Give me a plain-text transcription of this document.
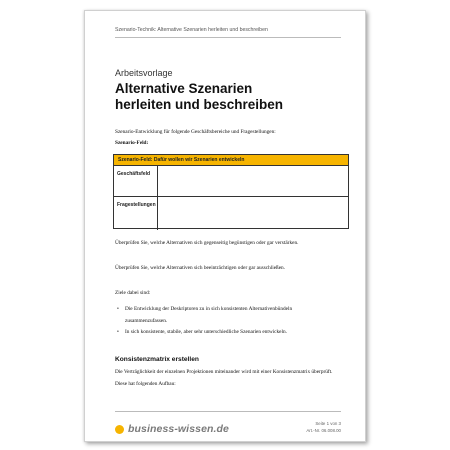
Szenario-Technik: Alternative Szenarien herleiten und beschreiben
Arbeitsvorlage
Alternative Szenarien
herleiten und beschreiben
Szenario-Entwicklung für folgende Geschäftsbereiche und Fragestellungen:
Szenario-Feld:
Szenario-Feld: Dafür wollen wir Szenarien entwickeln
Geschäftsfeld
Fragestellungen
Überprüfen Sie, welche Alternativen sich gegenseitig begünstigen oder gar verstärken.
Überprüfen Sie, welche Alternativen sich beeinträchtigen oder gar ausschließen.
Ziele dabei sind:
• Die Entwicklung der Deskriptoren zu in sich konsistenten Alternativenbündeln zusammenzufassen.
• In sich konsistente, stabile, aber sehr unterschiedliche Szenarien entwickeln.
Konsistenzmatrix erstellen
Die Verträglichkeit der einzelnen Projektionen miteinander wird mit einer Konsistenzmatrix überprüft. Diese hat folgenden Aufbau:
business-wissen.de	Seite 1 von 3
Art.-Nr. 06.008.00
